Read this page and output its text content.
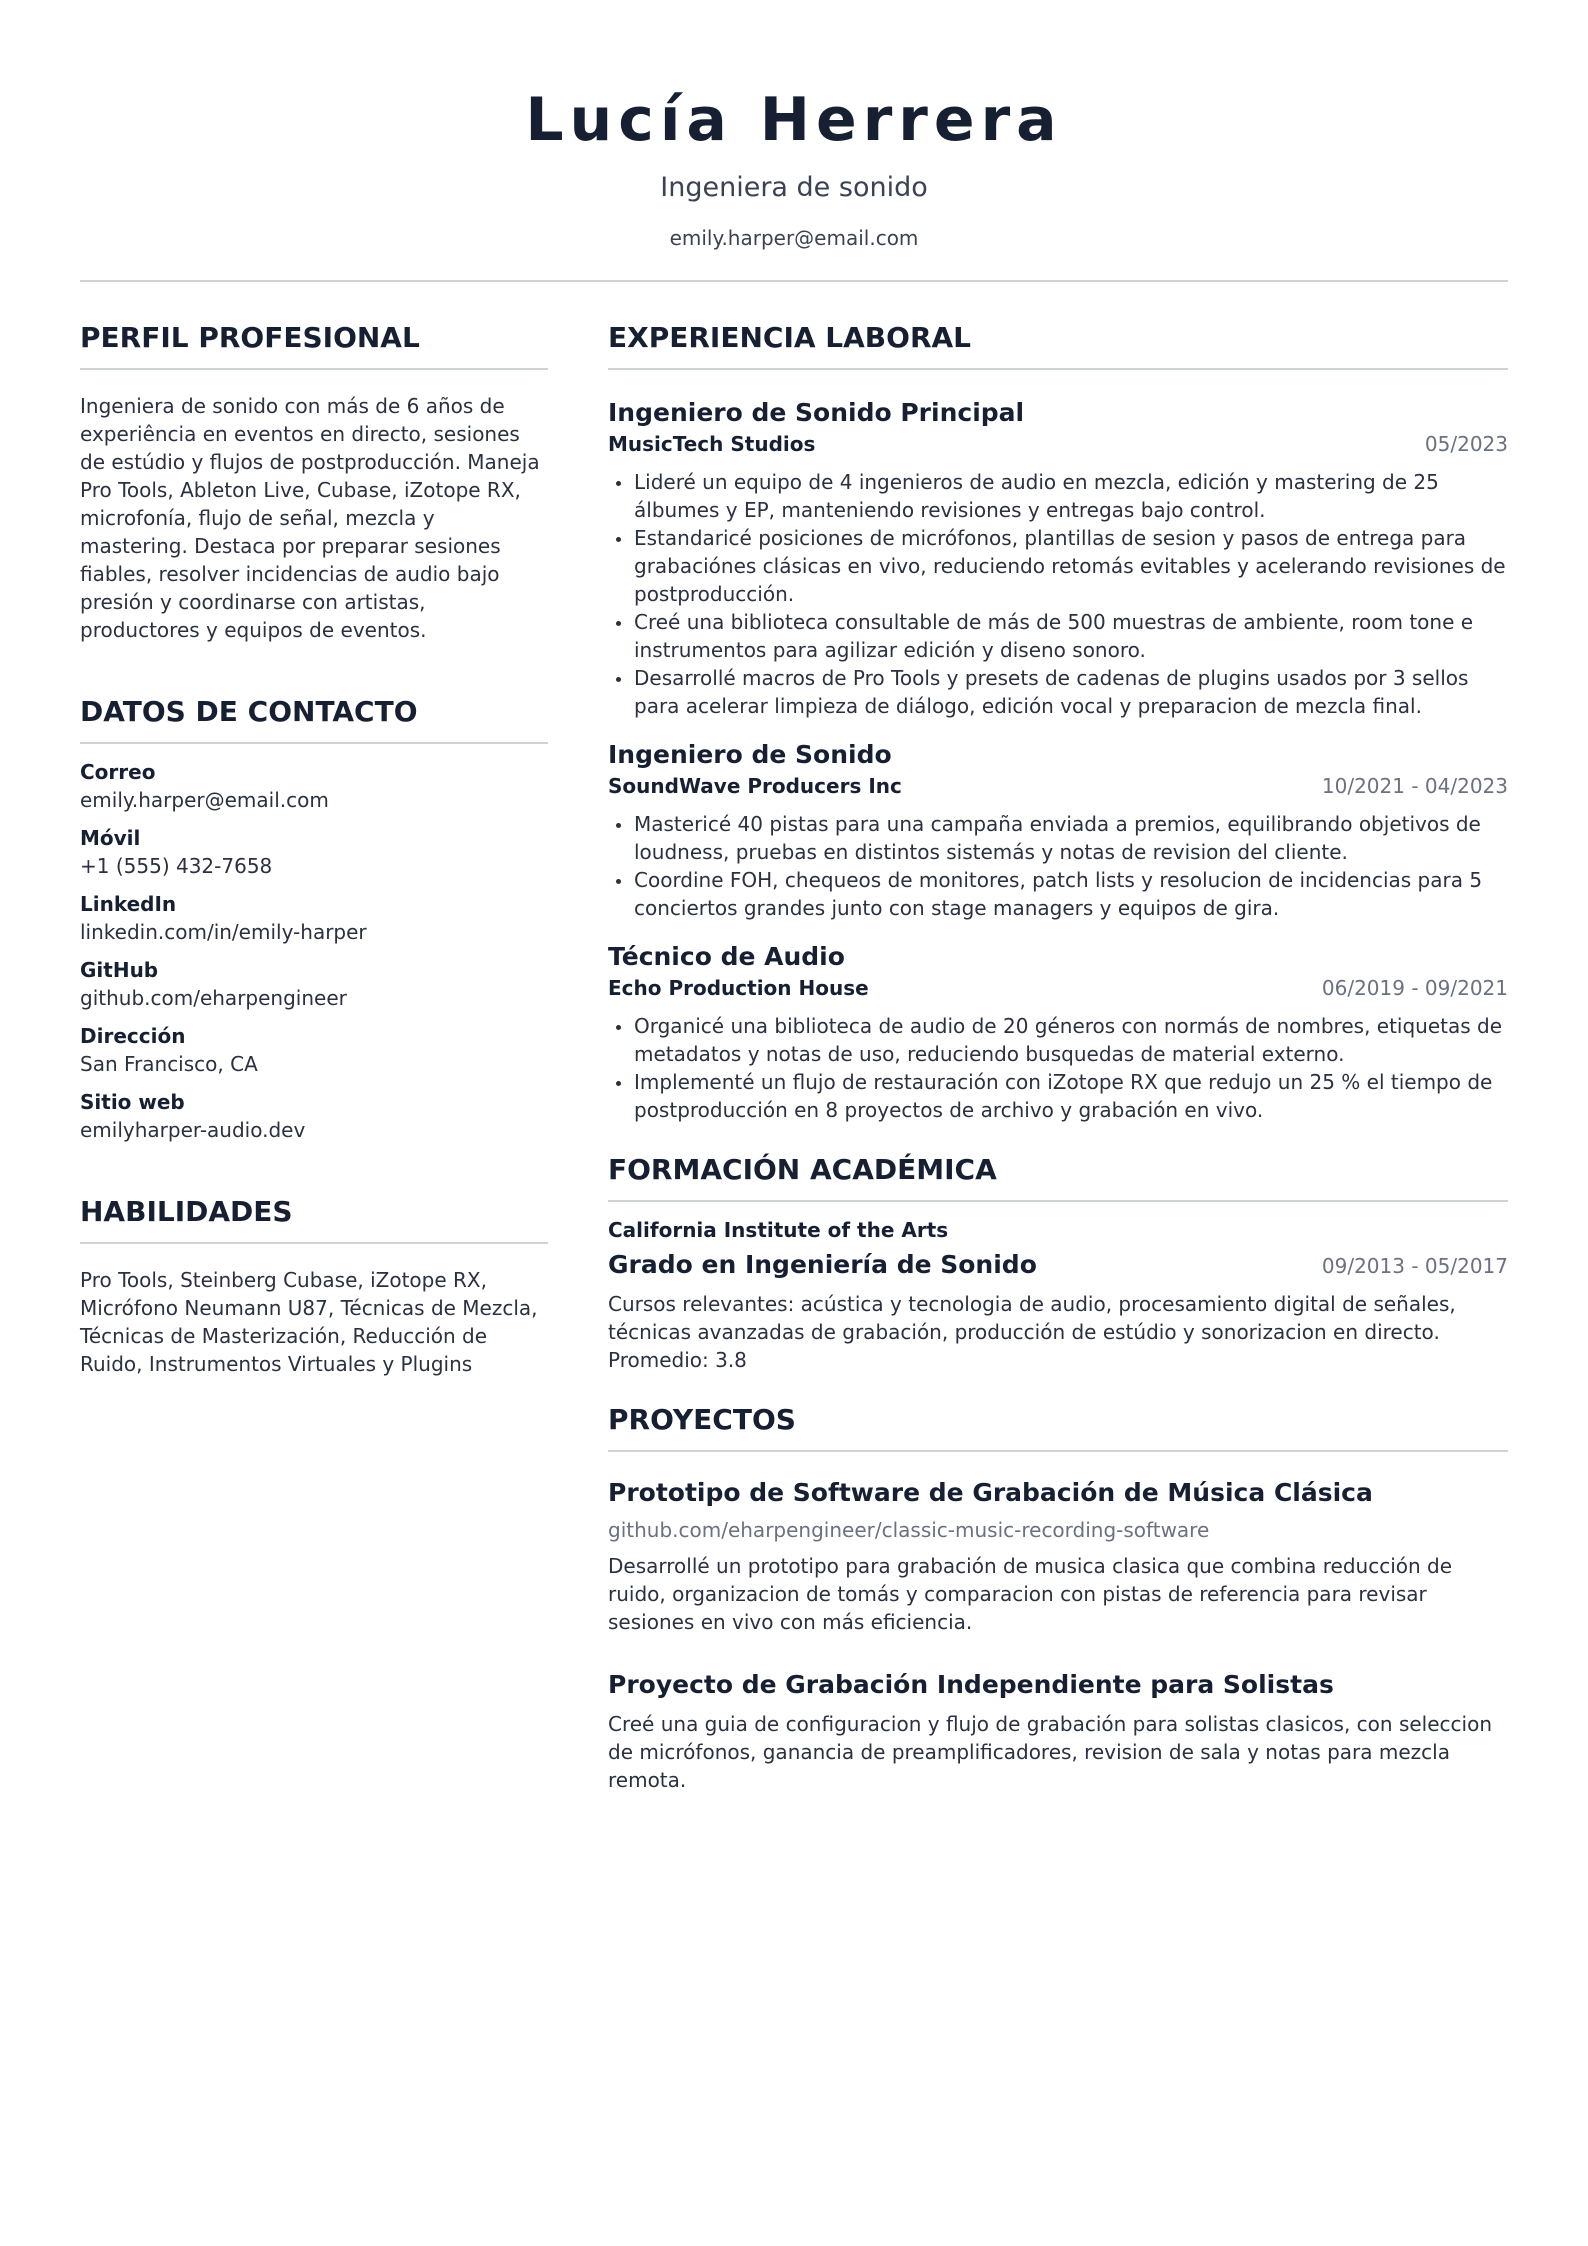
Lucía Herrera
Ingeniera de sonido
emily.harper@email.com
PERFIL PROFESIONAL
Ingeniera de sonido con más de 6 años de experiência en eventos en directo, sesiones de estúdio y flujos de postproducción. Maneja Pro Tools, Ableton Live, Cubase, iZotope RX, microfonía, flujo de señal, mezcla y mastering. Destaca por preparar sesiones fiables, resolver incidencias de audio bajo presión y coordinarse con artistas, productores y equipos de eventos.
DATOS DE CONTACTO
Correo
emily.harper@email.com
Móvil
+1 (555) 432-7658
LinkedIn
linkedin.com/in/emily-harper
GitHub
github.com/eharpengineer
Dirección
San Francisco, CA
Sitio web
emilyharper-audio.dev
HABILIDADES
Pro Tools, Steinberg Cubase, iZotope RX, Micrófono Neumann U87, Técnicas de Mezcla, Técnicas de Masterización, Reducción de Ruido, Instrumentos Virtuales y Plugins
EXPERIENCIA LABORAL
Ingeniero de Sonido Principal
MusicTech Studios	05/2023
Lideré un equipo de 4 ingenieros de audio en mezcla, edición y mastering de 25 álbumes y EP, manteniendo revisiones y entregas bajo control.
Estandaricé posiciones de micrófonos, plantillas de sesion y pasos de entrega para grabaciónes clásicas en vivo, reduciendo retomás evitables y acelerando revisiones de postproducción.
Creé una biblioteca consultable de más de 500 muestras de ambiente, room tone e instrumentos para agilizar edición y diseno sonoro.
Desarrollé macros de Pro Tools y presets de cadenas de plugins usados por 3 sellos para acelerar limpieza de diálogo, edición vocal y preparacion de mezcla final.
Ingeniero de Sonido
SoundWave Producers Inc	10/2021 - 04/2023
Mastericé 40 pistas para una campaña enviada a premios, equilibrando objetivos de loudness, pruebas en distintos sistemás y notas de revision del cliente.
Coordine FOH, chequeos de monitores, patch lists y resolucion de incidencias para 5 conciertos grandes junto con stage managers y equipos de gira.
Técnico de Audio
Echo Production House	06/2019 - 09/2021
Organicé una biblioteca de audio de 20 géneros con normás de nombres, etiquetas de metadatos y notas de uso, reduciendo busquedas de material externo.
Implementé un flujo de restauración con iZotope RX que redujo un 25 % el tiempo de postproducción en 8 proyectos de archivo y grabación en vivo.
FORMACIÓN ACADÉMICA
California Institute of the Arts
Grado en Ingeniería de Sonido	09/2013 - 05/2017
Cursos relevantes: acústica y tecnologia de audio, procesamiento digital de señales, técnicas avanzadas de grabación, producción de estúdio y sonorizacion en directo. Promedio: 3.8
PROYECTOS
Prototipo de Software de Grabación de Música Clásica
github.com/eharpengineer/classic-music-recording-software
Desarrollé un prototipo para grabación de musica clasica que combina reducción de ruido, organizacion de tomás y comparacion con pistas de referencia para revisar sesiones en vivo con más eficiencia.
Proyecto de Grabación Independiente para Solistas
Creé una guia de configuracion y flujo de grabación para solistas clasicos, con seleccion de micrófonos, ganancia de preamplificadores, revision de sala y notas para mezcla remota.
